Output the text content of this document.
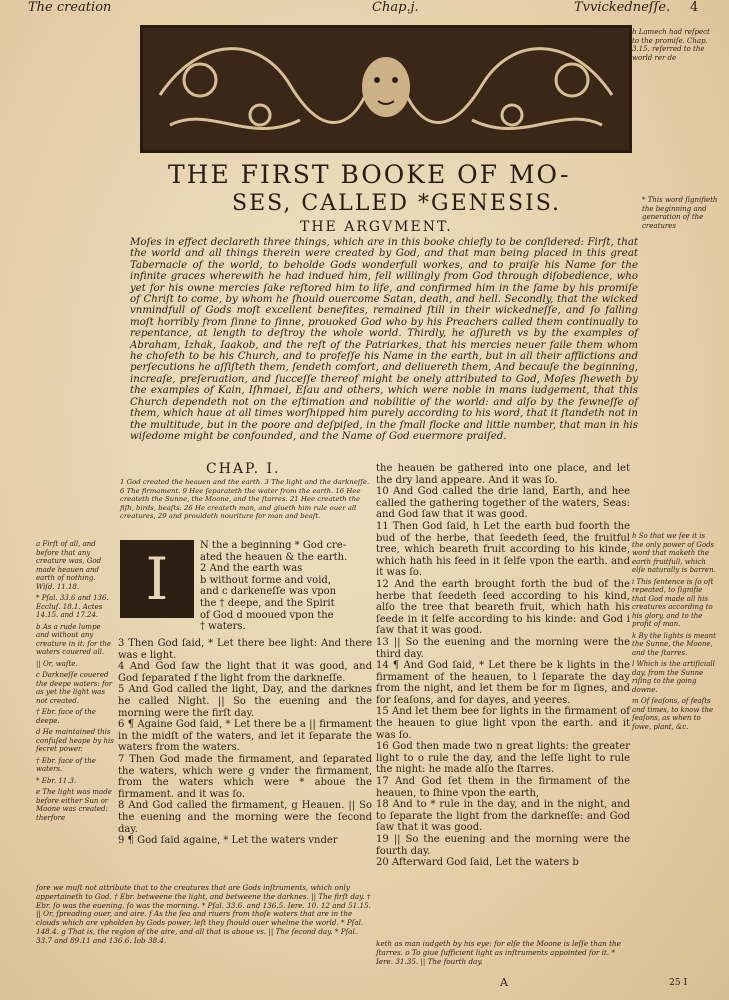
The creation	Chap.j.	Tvvickedneſſe. 4
THE FIRST BOOKE OF MO-
SES, CALLED *GENESIS.
THE ARGVMENT.
Moſes in effect declareth three things, which are in this booke chiefly to be conſidered: Firſt, that the world and all things therein were created by God, and that man being placed in this great Tabernacle of the world, to beholde Gods wonderfull workes, and to praiſe his Name for the infinite graces wherewith he had indued him, fell willingly from God through diſobedience, who yet for his owne mercies ſake reſtored him to life, and confirmed him in the ſame by his promiſe of Chriſt to come, by whom he ſhould ouercome Satan, death, and hell. Secondly, that the wicked vnmindfull of Gods moſt excellent benefites, remained ſtill in their wickedneſſe, and ſo falling moſt horribly from ſinne to ſinne, prouoked God who by his Preachers called them continually to repentance, at length to deſtroy the whole world. Thirdly, he aſſureth vs by the examples of Abraham, Izhak, Iaakob, and the reſt of the Patriarkes, that his mercies neuer faile them whom he choſeth to be his Church, and to profeſſe his Name in the earth, but in all their afflictions and perſecutions he aſſiſteth them, ſendeth comfort, and deliuereth them, And becauſe the beginning, increaſe, preſeruation, and ſucceſſe thereof might be onely attributed to God, Moſes ſheweth by the examples of Kain, Iſhmael, Eſau and others, which were noble in mans iudgement, that this Church dependeth not on the eſtimation and nobilitie of the world: and alſo by the fewneſſe of them, which haue at all times worſhipped him purely according to his word, that it ſtandeth not in the multitude, but in the poore and deſpiſed, in the ſmall flocke and little number, that man in his wiſedome might be confounded, and the Name of God euermore praiſed.
h Lamech had reſpect to the promiſe. Chap. 3.15. referred to the world rer de
* This word ſignifieth the beginning and generation of the creatures
CHAP. I.
1 God created the heauen and the earth. 3 The light and the darkneſſe. 6 The firmament. 9 Hee ſeparateth the water from the earth. 16 Hee createth the Sunne, the Moone, and the ſtarres. 21 Hee createth the fiſh, birds, beaſts. 26 He createth man, and giueth him rule ouer all creatures, 29 and prouideth nouriture for man and beaſt.
I	N the a beginning * God cre-

ated the heauen & the earth.

2 And the earth was

b without forme and void,

and c darkeneſſe was vpon

the † deepe, and the Spirit

of God d mooued vpon the

† waters.

3 Then God ſaid, * Let there bee light: And there was e light.

4 And God ſaw the light that it was good, and God ſeparated f the light from the darkneſſe.

5 And God called the light, Day, and the darknes he called Night. || So the euening and the morning were the firſt day.

6 ¶ Againe God ſaid, * Let there be a || firmament in the midſt of the waters, and let it ſeparate the waters from the waters.

7 Then God made the firmament, and ſeparated the waters, which were g vnder the firmament, from the waters which were * aboue the firmament. and it was ſo.

8 And God called the firmament, g Heauen. || So the euening and the morning were the ſecond day.

9 ¶ God ſaid againe, * Let the waters vnder

the heauen be gathered into one place, and let the dry land appeare. And it was ſo.

10 And God called the drie land, Earth, and hee called the gathering together of the waters, Seas: and God ſaw that it was good.

11 Then God ſaid, h Let the earth bud foorth the bud of the herbe, that ſeedeth ſeed, the fruitful tree, which beareth fruit according to his kinde, which hath his feed in it ſelfe vpon the earth. and it was ſo.

12 And the earth brought forth the bud of the herbe that ſeedeth ſeed according to his kind, alſo the tree that beareth fruit, which hath his ſeede in it ſelfe according to his kinde: and God i ſaw that it was good.

13 || So the euening and the morning were the third day.

14 ¶ And God ſaid, * Let there be k lights in the firmament of the heauen, to l ſeparate the day from the night, and let them be for m ſignes, and for ſeaſons, and for dayes, and yeeres.

15 And let them bee for lights in the firmament of the heauen to giue light vpon the earth. and it was ſo.

16 God then made two n great lights: the greater light to o rule the day, and the leſſe light to rule the night: he made alſo the ſtarres.

17 And God ſet them in the firmament of the heauen, to ſhine vpon the earth,

18 And to * rule in the day, and in the night, and to ſeparate the light from the darkneſſe: and God ſaw that it was good.

19 || So the euening and the morning were the fourth day.

20 Afterward God ſaid, Let the waters b

a Firſt of all, and before that any creature was, God made heauen and earth of nothing. Wiſd. 11.18.

* Pſal. 33.6 and 136. Eccluſ. 18.1. Actes 14.15. and 17.24.

b As a rude lumpe and without any creature in it: for the waters couered all.

|| Or, waſte.

c Darkneſſe couered the deepe waters: for as yet the light was not created.

† Ebr. face of the deepe.

d He maintained this confuſed heape by his ſecret power.

† Ebr. face of the waters.

* Ebr. 11.3.

e The light was made before either Sun or Moone was created: therfore

h So that we ſee it is the only power of Gods word that maketh the earth fruitfull, which elſe naturally is barren.

i This ſentence is ſo oft repeated, to ſignifie that God made all his creatures according to his glory, and to the profit of man.

k By the lights is meant the Sunne, the Moone, and the ſtarres.

l Which is the artificiall day, from the Sunne riſing to the going downe.

m Of ſeaſons, of feaſts and times, to know the ſeaſons, as when to ſowe, plant, &c.

fore we muſt not attribute that to the creatures that are Gods inſtruments, which only appertaineth to God. † Ebr. betweene the light, and betweene the darknes. || The firſt day. † Ebr. ſo was the euening, ſo was the morning. * Pſal. 33.6. and 136.5. Iere. 10. 12 and 51.15. || Or, ſpreading ouer, and aire. f As the ſea and riuers from thoſe waters that are in the clouds which are vpholden by Gods power, leſt they ſhould ouer whelme the world. * Pſal. 148.4. g That is, the region of the aire, and all that is aboue vs. || The ſecond day. * Pſal. 33.7 and 89.11 and 136.6. Iob 38.4.	keth as man iudgeth by his eye: for elſe the Moone is leſſe than the ſtarres. o To giue ſufficient light as inſtruments appointed for it. * Iere. 31.35. || The fourth day.
A	25 I
